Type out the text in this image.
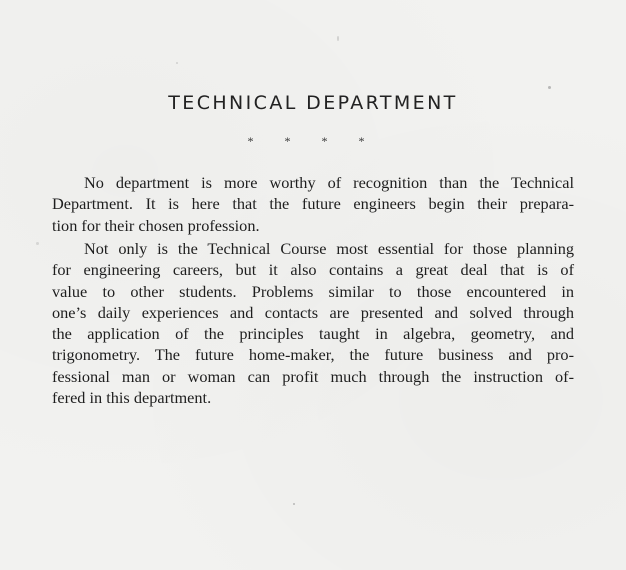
TECHNICAL DEPARTMENT
* * * *
No department is more worthy of recognition than the Technical
Department. It is here that the future engineers begin their prepara-
tion for their chosen profession.
Not only is the Technical Course most essential for those planning
for engineering careers, but it also contains a great deal that is of
value to other students. Problems similar to those encountered in
one’s daily experiences and contacts are presented and solved through
the application of the principles taught in algebra, geometry, and
trigonometry. The future home-maker, the future business and pro-
fessional man or woman can profit much through the instruction of-
fered in this department.
